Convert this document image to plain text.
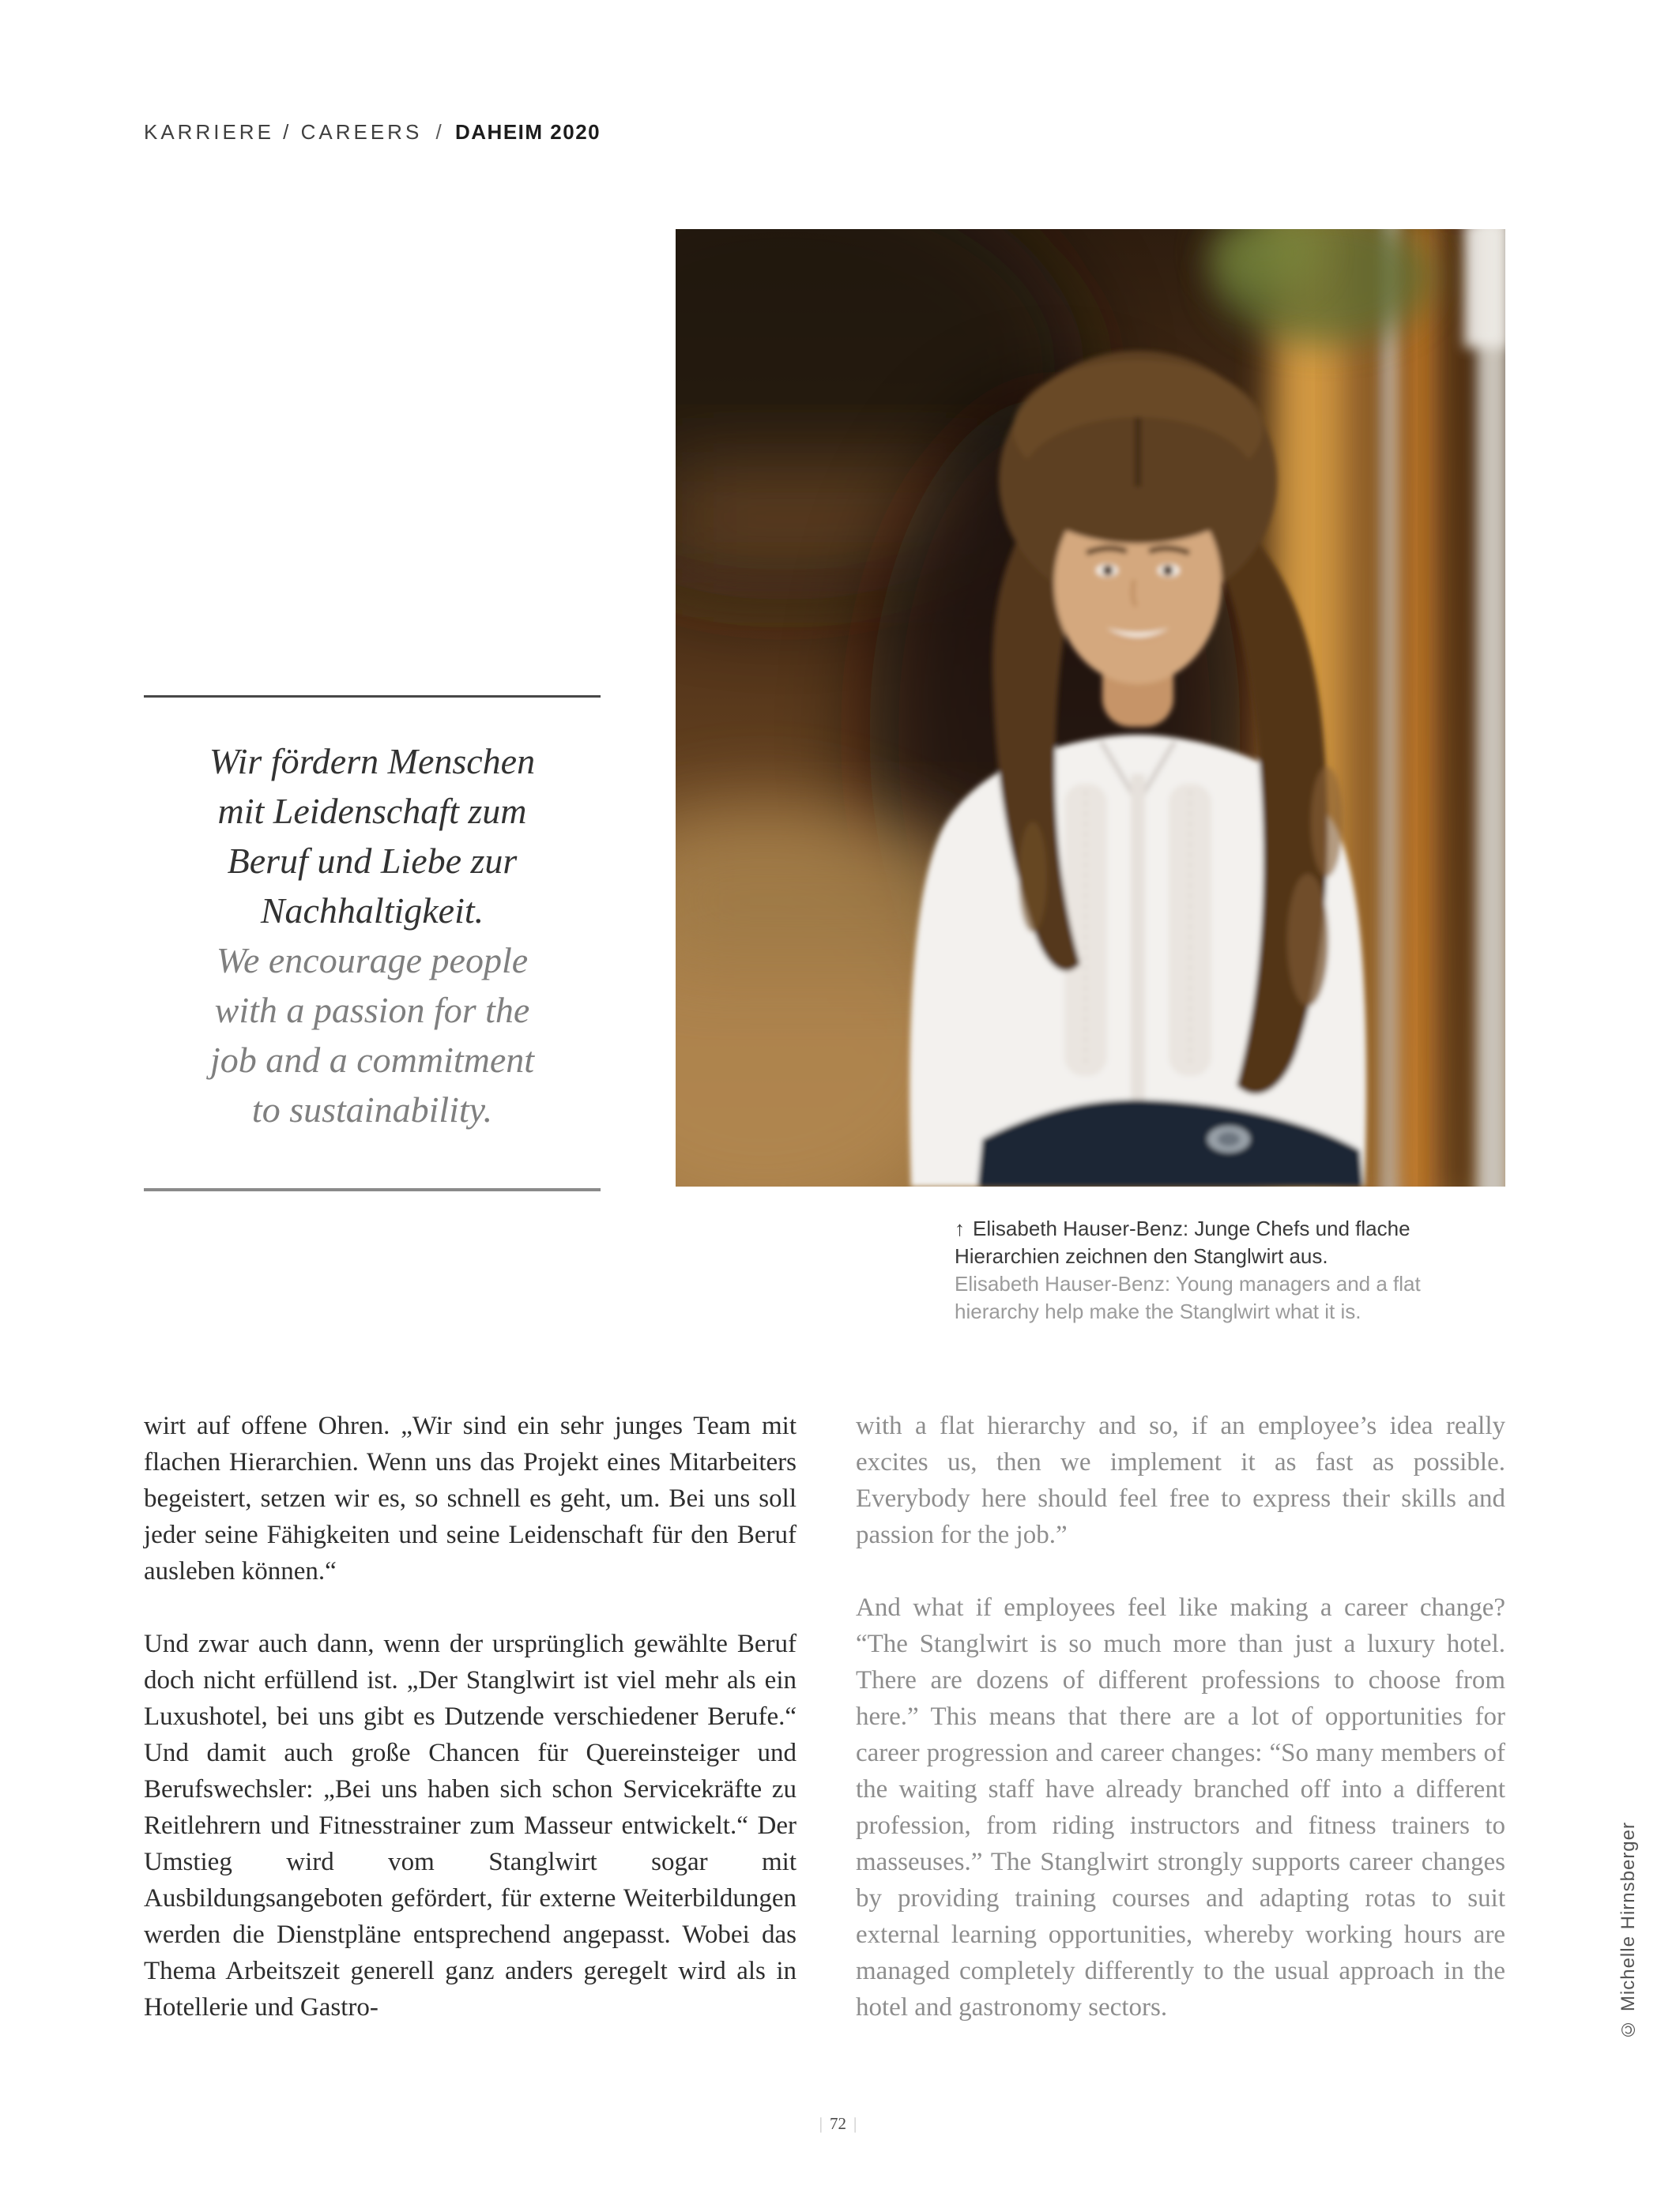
KARRIERE / CAREERS / DAHEIM 2020
Wir fördern Menschen
mit Leidenschaft zum
Beruf und Liebe zur
Nachhaltigkeit.
We encourage people
with a passion for the
job and a commitment
to sustainability.

↑ Elisabeth Hauser-Benz: Junge Chefs und flache Hierarchien zeichnen den Stanglwirt aus.

Elisabeth Hauser-Benz: Young managers and a flat hierarchy help make the Stanglwirt what it is.

wirt auf offene Ohren. „Wir sind ein sehr junges Team mit flachen Hierarchien. Wenn uns das Projekt eines Mitarbeiters begeistert, setzen wir es, so schnell es geht, um. Bei uns soll jeder seine Fähigkeiten und seine Leidenschaft für den Beruf ausleben können.“

Und zwar auch dann, wenn der ursprünglich gewählte Beruf doch nicht erfüllend ist. „Der Stanglwirt ist viel mehr als ein Luxushotel, bei uns gibt es Dutzende verschiedener Berufe.“ Und damit auch große Chancen für Quereinsteiger und Berufswechsler: „Bei uns haben sich schon Servicekräfte zu Reitlehrern und Fitnesstrainer zum Masseur entwickelt.“ Der Umstieg wird vom Stanglwirt sogar mit Ausbildungsangeboten gefördert, für externe Weiterbildungen werden die Dienstpläne entsprechend angepasst. Wobei das Thema Arbeitszeit generell ganz anders geregelt wird als in Hotellerie und Gastro-

with a flat hierarchy and so, if an employee’s idea really excites us, then we implement it as fast as possible. Everybody here should feel free to express their skills and passion for the job.”

And what if employees feel like making a career change? “The Stanglwirt is so much more than just a luxury hotel. There are dozens of different professions to choose from here.” This means that there are a lot of opportunities for career progression and career changes: “So many members of the waiting staff have already branched off into a different profession, from riding instructors and fitness trainers to masseuses.” The Stanglwirt strongly supports career changes by providing training courses and adapting rotas to suit external learning opportunities, whereby working hours are managed completely differently to the usual approach in the hotel and gastronomy sectors.

| 72 |
© Michelle Hirnsberger
